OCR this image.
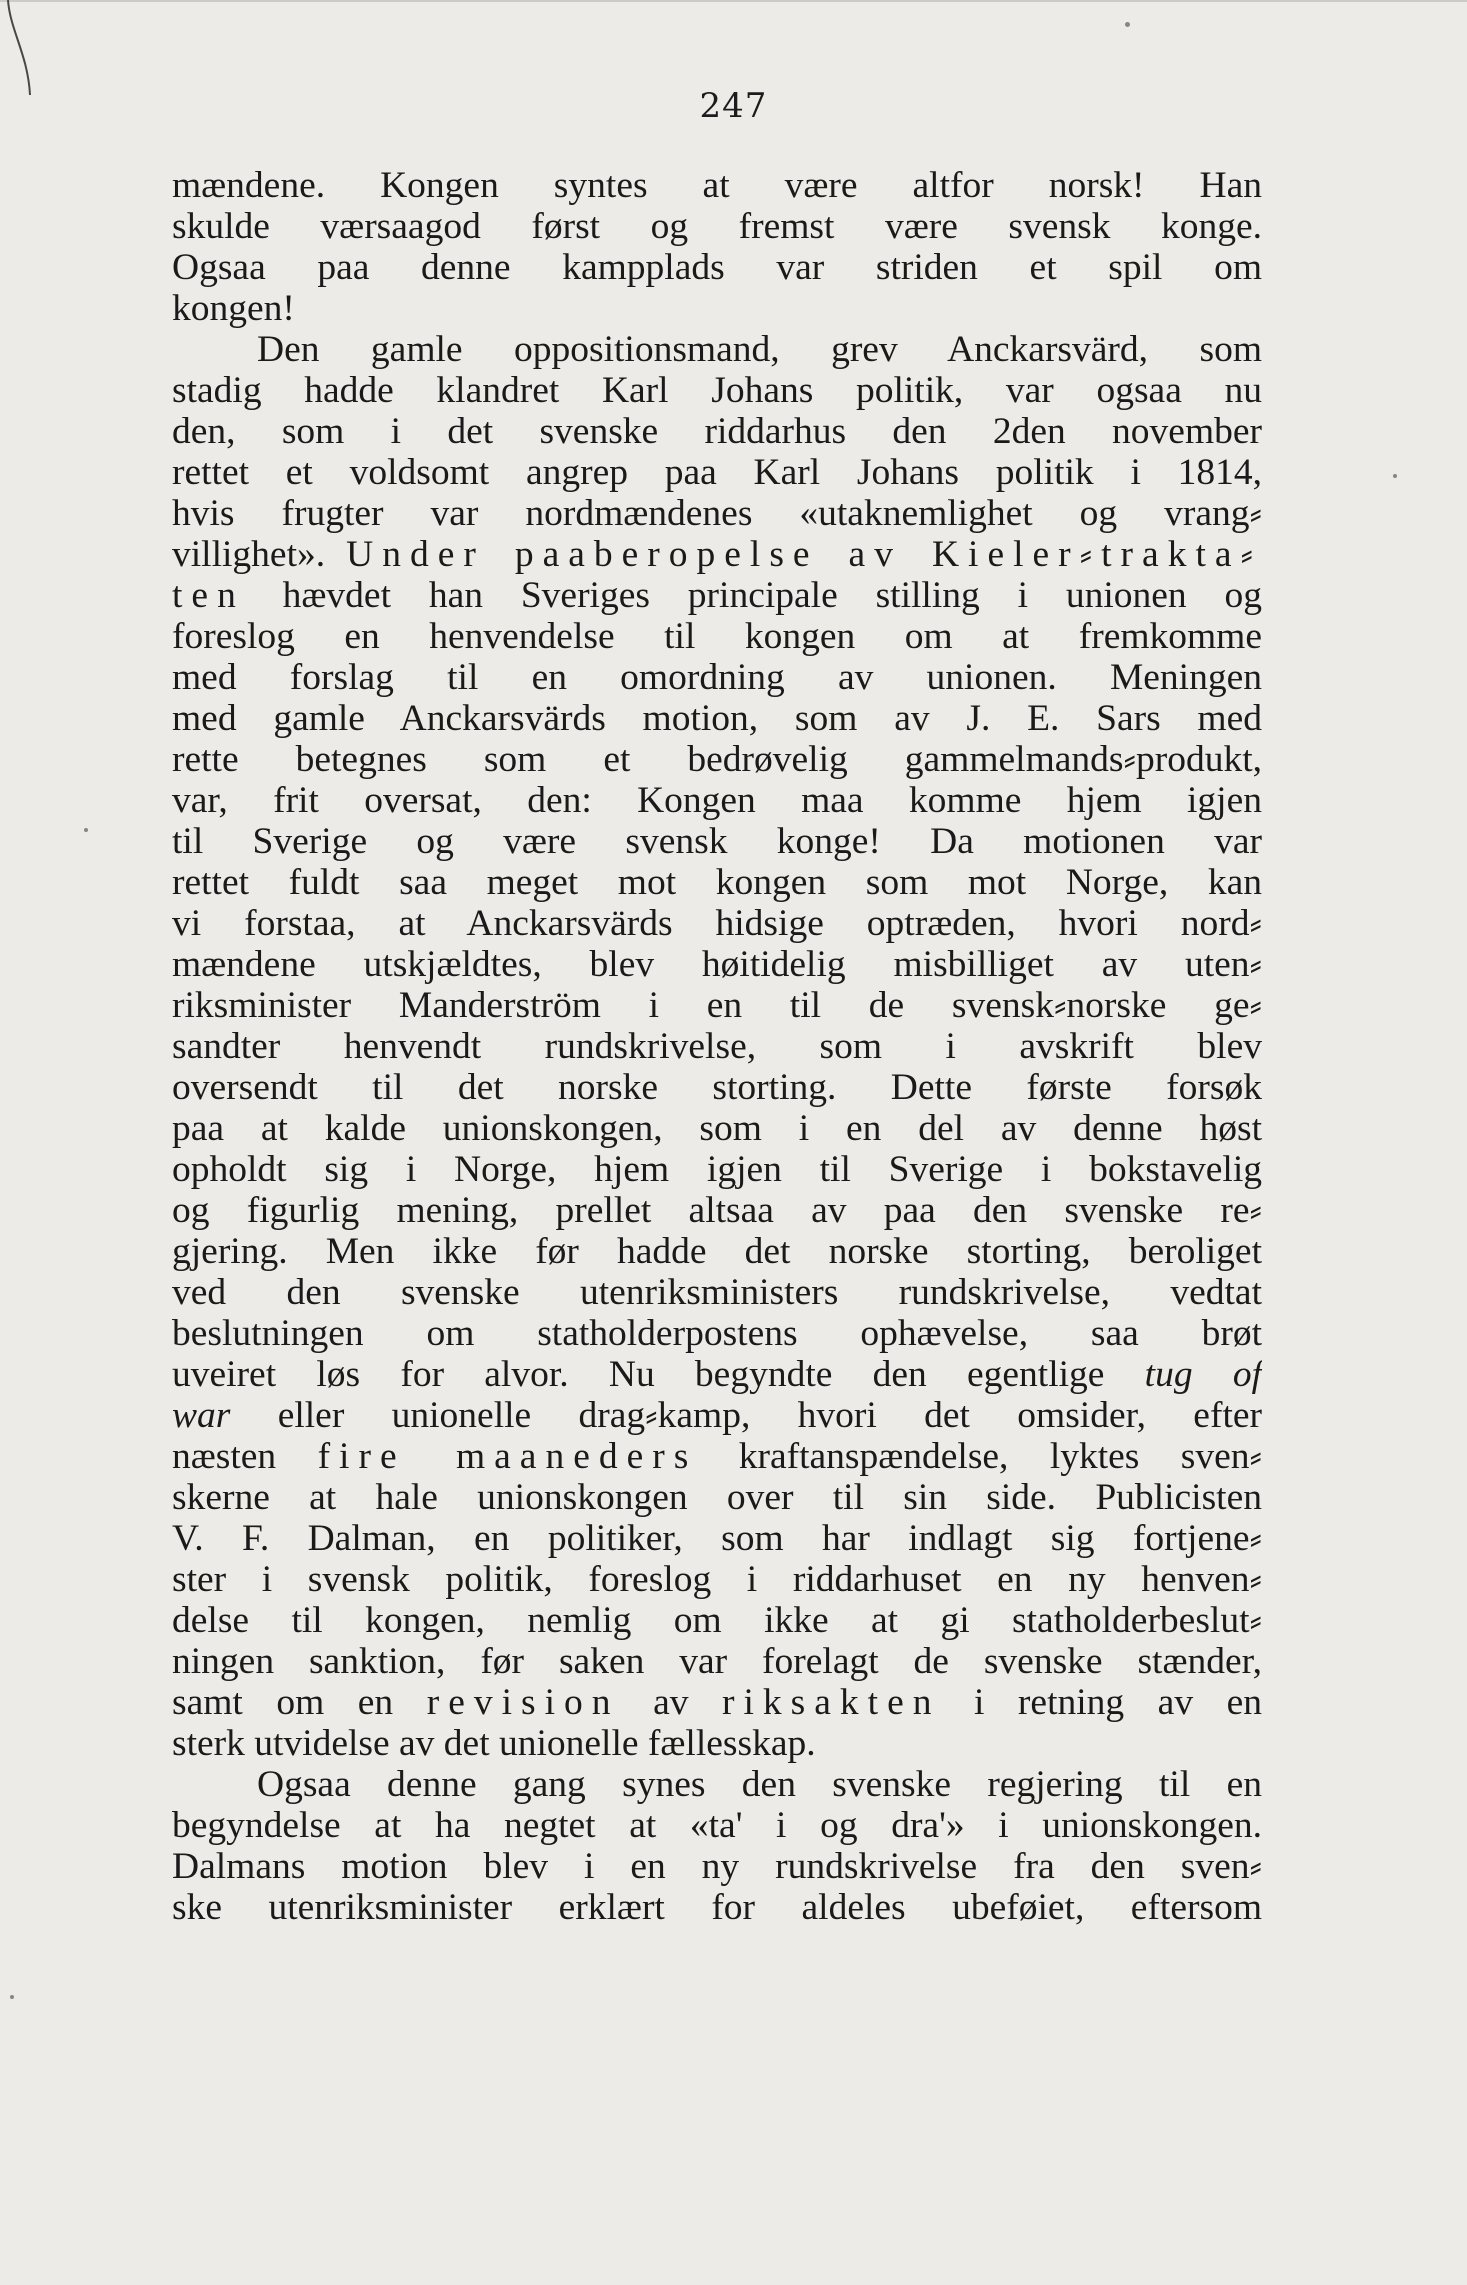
247
mændene. Kongen syntes at være altfor norsk! Han
skulde værsaagod først og fremst være svensk konge.
Ogsaa paa denne kampplads var striden et spil om
kongen!
Den gamle oppositionsmand, grev Anckarsvärd, som
stadig hadde klandret Karl Johans politik, var ogsaa nu
den, som i det svenske riddarhus den 2den november
rettet et voldsomt angrep paa Karl Johans politik i 1814,
hvis frugter var nordmændenes «utaknemlighet og vrang⸗
villighet». Under paaberopelse av Kieler⸗trakta⸗
ten hævdet han Sveriges principale stilling i unionen og
foreslog en henvendelse til kongen om at fremkomme
med forslag til en omordning av unionen. Meningen
med gamle Anckarsvärds motion, som av J. E. Sars med
rette betegnes som et bedrøvelig gammelmands⸗produkt,
var, frit oversat, den: Kongen maa komme hjem igjen
til Sverige og være svensk konge! Da motionen var
rettet fuldt saa meget mot kongen som mot Norge, kan
vi forstaa, at Anckarsvärds hidsige optræden, hvori nord⸗
mændene utskjældtes, blev høitidelig misbilliget av uten⸗
riksminister Manderström i en til de svensk⸗norske ge⸗
sandter henvendt rundskrivelse, som i avskrift blev
oversendt til det norske storting. Dette første forsøk
paa at kalde unionskongen, som i en del av denne høst
opholdt sig i Norge, hjem igjen til Sverige i bokstavelig
og figurlig mening, prellet altsaa av paa den svenske re⸗
gjering. Men ikke før hadde det norske storting, beroliget
ved den svenske utenriksministers rundskrivelse, vedtat
beslutningen om statholderpostens ophævelse, saa brøt
uveiret løs for alvor. Nu begyndte den egentlige tug of
war eller unionelle drag⸗kamp, hvori det omsider, efter
næsten fire maaneders kraftanspændelse, lyktes sven⸗
skerne at hale unionskongen over til sin side. Publicisten
V. F. Dalman, en politiker, som har indlagt sig fortjene⸗
ster i svensk politik, foreslog i riddarhuset en ny henven⸗
delse til kongen, nemlig om ikke at gi statholderbeslut⸗
ningen sanktion, før saken var forelagt de svenske stænder,
samt om en revision av riksakten i retning av en
sterk utvidelse av det unionelle fællesskap.
Ogsaa denne gang synes den svenske regjering til en
begyndelse at ha negtet at «ta' i og dra'» i unionskongen.
Dalmans motion blev i en ny rundskrivelse fra den sven⸗
ske utenriksminister erklært for aldeles ubeføiet, eftersom
